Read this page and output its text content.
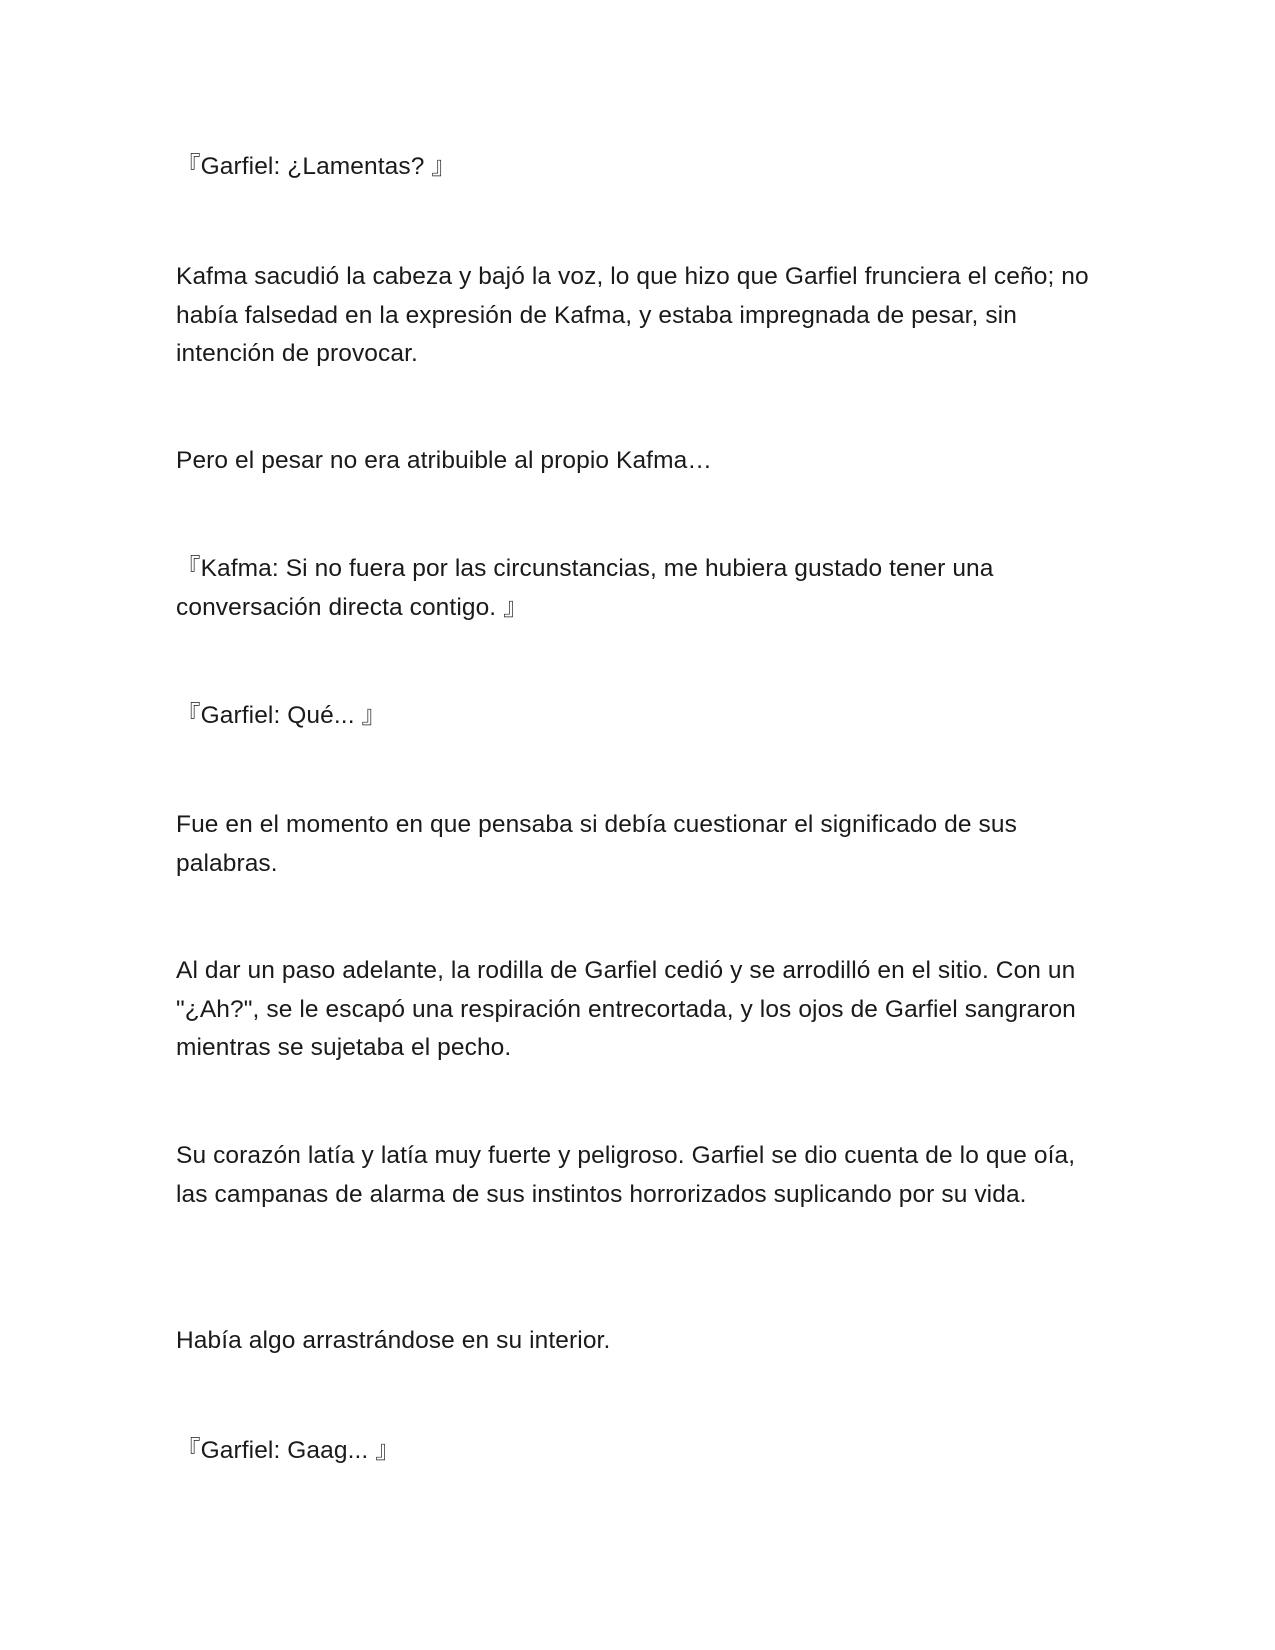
『Garfiel: ¿Lamentas? 』

Kafma sacudió la cabeza y bajó la voz, lo que hizo que Garfiel frunciera el ceño; no había falsedad en la expresión de Kafma, y estaba impregnada de pesar, sin intención de provocar.

Pero el pesar no era atribuible al propio Kafma…

『Kafma: Si no fuera por las circunstancias, me hubiera gustado tener una conversación directa contigo. 』

『Garfiel: Qué... 』

Fue en el momento en que pensaba si debía cuestionar el significado de sus palabras.

Al dar un paso adelante, la rodilla de Garfiel cedió y se arrodilló en el sitio. Con un "¿Ah?", se le escapó una respiración entrecortada, y los ojos de Garfiel sangraron mientras se sujetaba el pecho.

Su corazón latía y latía muy fuerte y peligroso. Garfiel se dio cuenta de lo que oía, las campanas de alarma de sus instintos horrorizados suplicando por su vida.

Había algo arrastrándose en su interior.

『Garfiel: Gaag... 』
